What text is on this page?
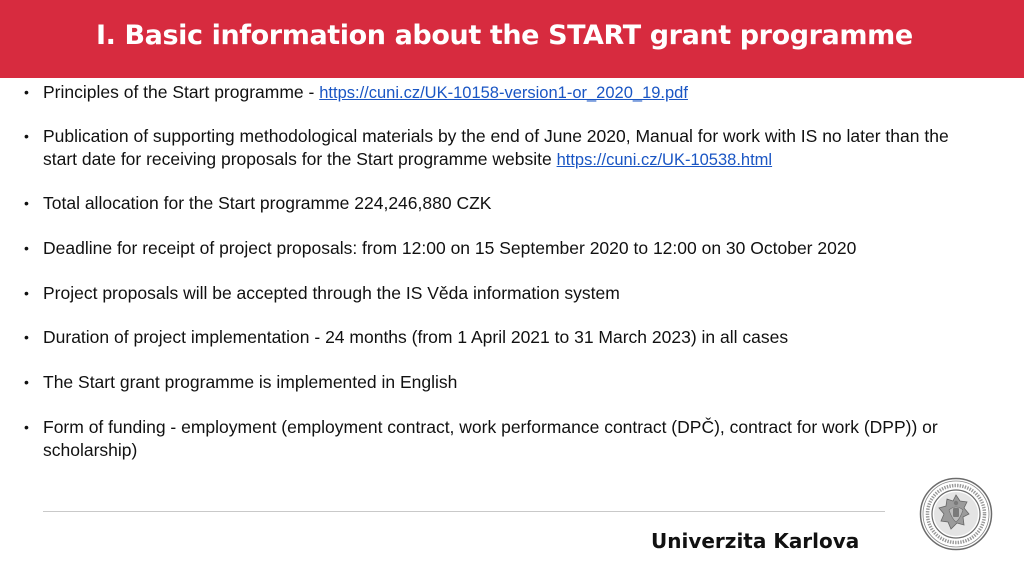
I. Basic information about the START grant programme
• Principles of the Start programme - https://cuni.cz/UK-10158-version1-or_2020_19.pdf
• Publication of supporting methodological materials by the end of June 2020, Manual for work with IS no later than the start date for receiving proposals for the Start programme website https://cuni.cz/UK-10538.html
• Total allocation for the Start programme 224,246,880 CZK
• Deadline for receipt of project proposals: from 12:00 on 15 September 2020 to 12:00 on 30 October 2020
• Project proposals will be accepted through the IS Věda information system
• Duration of project implementation - 24 months (from 1 April 2021 to 31 March 2023) in all cases
• The Start grant programme is implemented in English
• Form of funding - employment (employment contract, work performance contract (DPČ), contract for work (DPP)) or scholarship)
Univerzita Karlova
